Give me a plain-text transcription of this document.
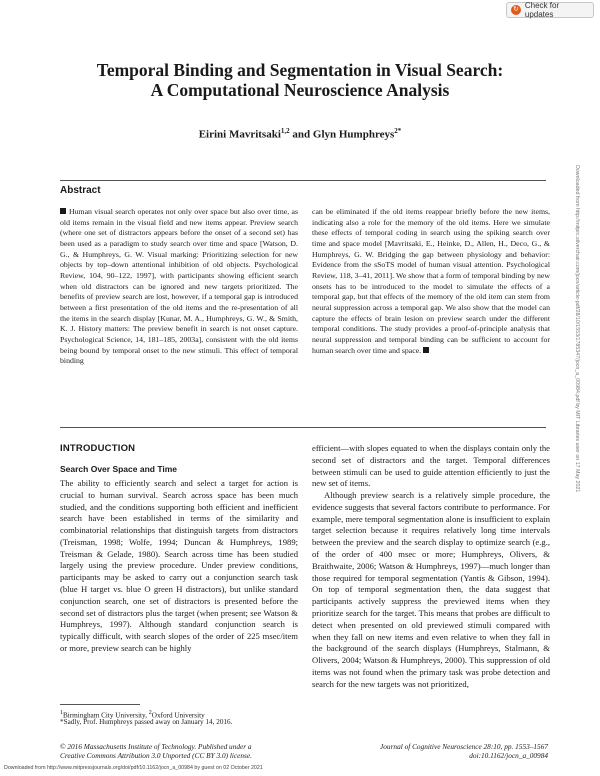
↻ Check for updates
Temporal Binding and Segmentation in Visual Search:
A Computational Neuroscience Analysis
Eirini Mavritsaki$^{1,2}$ and Glyn Humphreys$^{2*}$
Downloaded from http://mitprc.silverchair.com/jocn/article-pdf/28/10/1553/1785347/jocn_a_00984.pdf by MIT Libraries user on 17 May 2021
Abstract

Human visual search operates not only over space but also over time, as old items remain in the visual field and new items appear. Preview search (where one set of distractors appears before the onset of a second set) has been used as a paradigm to study search over time and space [Watson, D. G., & Humphreys, G. W. Visual marking: Prioritizing selection for new objects by top–down attentional inhibition of old objects. Psychological Review, 104, 90–122, 1997], with participants showing efficient search when old distractors can be ignored and new targets prioritized. The benefits of preview search are lost, however, if a temporal gap is introduced between a first presentation of the old items and the re-presentation of all the items in the search display [Kunar, M. A., Humphreys, G. W., & Smith, K. J. History matters: The preview benefit in search is not onset capture. Psychological Science, 14, 181–185, 2003a], consistent with the old items being bound by temporal onset to the new stimuli. This effect of temporal binding

can be eliminated if the old items reappear briefly before the new items, indicating also a role for the memory of the old items. Here we simulate these effects of temporal coding in search using the spiking search over time and space model [Mavritsaki, E., Heinke, D., Allen, H., Deco, G., & Humphreys, G. W. Bridging the gap between physiology and behavior: Evidence from the sSoTS model of human visual attention. Psychological Review, 118, 3–41, 2011]. We show that a form of temporal binding by new onsets has to be introduced to the model to simulate the effects of a temporal gap, but that effects of the memory of the old item can stem from neural suppression across a temporal gap. We also show that the model can capture the effects of brain lesion on preview search under the different temporal conditions. The study provides a proof-of-principle analysis that neural suppression and temporal binding can be sufficient to account for human search over time and space.

INTRODUCTION
Search Over Space and Time

The ability to efficiently search and select a target for action is crucial to human survival. Search across space has been much studied, and the conditions supporting both efficient and inefficient search have been established in terms of the similarity and combinatorial relationships that distinguish targets from distractors (Treisman, 1998; Wolfe, 1994; Duncan & Humphreys, 1989; Treisman & Gelade, 1980). Search across time has been studied largely using the preview procedure. Under preview conditions, participants may be asked to carry out a conjunction search task (blue H target vs. blue O green H distractors), but unlike standard conjunction search, one set of distractors is presented before the second set of distractors plus the target (when present; see Watson & Humphreys, 1997). Although standard conjunction search is typically difficult, with search slopes of the order of 225 msec/item or more, preview search can be highly

efficient—with slopes equated to when the displays contain only the second set of distractors and the target. Temporal differences between stimuli can be used to guide attention efficiently to just the new set of items.

Although preview search is a relatively simple procedure, the evidence suggests that several factors contribute to performance. For example, mere temporal segmentation alone is insufficient to explain target selection because it requires relatively long time intervals between the preview and the search display to optimize search (e.g., of the order of 400 msec or more; Humphreys, Olivers, & Braithwaite, 2006; Watson & Humphreys, 1997)—much longer than those required for temporal segmentation (Yantis & Gibson, 1994). On top of temporal segmentation then, the data suggest that participants actively suppress the previewed items when they prioritize search for the target. This means that probes are difficult to detect when presented on old previewed stimuli compared with when they fall on new items and even relative to when they fall in the background of the search displays (Humphreys, Stalmann, & Olivers, 2004; Watson & Humphreys, 2000). This suppression of old items was not found when the primary task was probe detection and search for the new targets was not prioritized,

$^1$Birmingham City University, $^2$Oxford University
*Sadly, Prof. Humphreys passed away on January 14, 2016.
© 2016 Massachusetts Institute of Technology. Published under a
Creative Commons Attribution 3.0 Unported (CC BY 3.0) license.
Journal of Cognitive Neuroscience 28:10, pp. 1553–1567
doi:10.1162/jocn_a_00984
Downloaded from http://www.mitpressjournals.org/doi/pdf/10.1162/jocn_a_00984 by guest on 02 October 2021
